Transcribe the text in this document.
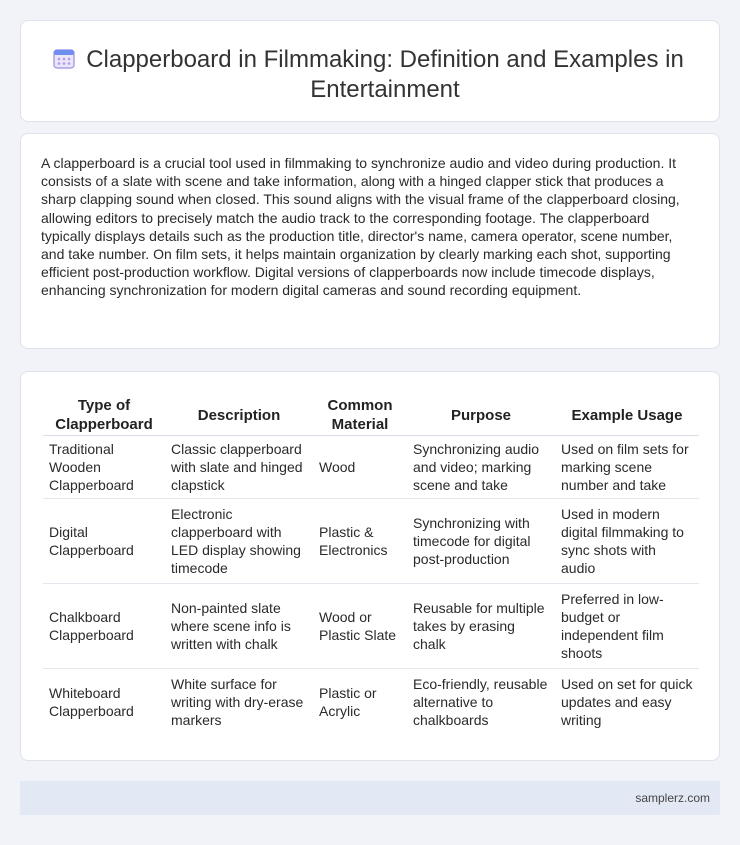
Clapperboard in Filmmaking: Definition and Examples in Entertainment

A clapperboard is a crucial tool used in filmmaking to synchronize audio and video during production. It consists of a slate with scene and take information, along with a hinged clapper stick that produces a sharp clapping sound when closed. This sound aligns with the visual frame of the clapperboard closing, allowing editors to precisely match the audio track to the corresponding footage. The clapperboard typically displays details such as the production title, director's name, camera operator, scene number, and take number. On film sets, it helps maintain organization by clearly marking each shot, supporting efficient post-production workflow. Digital versions of clapperboards now include timecode displays, enhancing synchronization for modern digital cameras and sound recording equipment.

Type of Clapperboard	Description	Common Material	Purpose	Example Usage
Traditional Wooden Clapperboard	Classic clapperboard with slate and hinged clapstick	Wood	Synchronizing audio and video; marking scene and take	Used on film sets for marking scene number and take
Digital Clapperboard	Electronic clapperboard with LED display showing timecode	Plastic & Electronics	Synchronizing with timecode for digital post-production	Used in modern digital filmmaking to sync shots with audio
Chalkboard Clapperboard	Non-painted slate where scene info is written with chalk	Wood or Plastic Slate	Reusable for multiple takes by erasing chalk	Preferred in low-budget or independent film shoots
Whiteboard Clapperboard	White surface for writing with dry-erase markers	Plastic or Acrylic	Eco-friendly, reusable alternative to chalkboards	Used on set for quick updates and easy writing
samplerz.com
